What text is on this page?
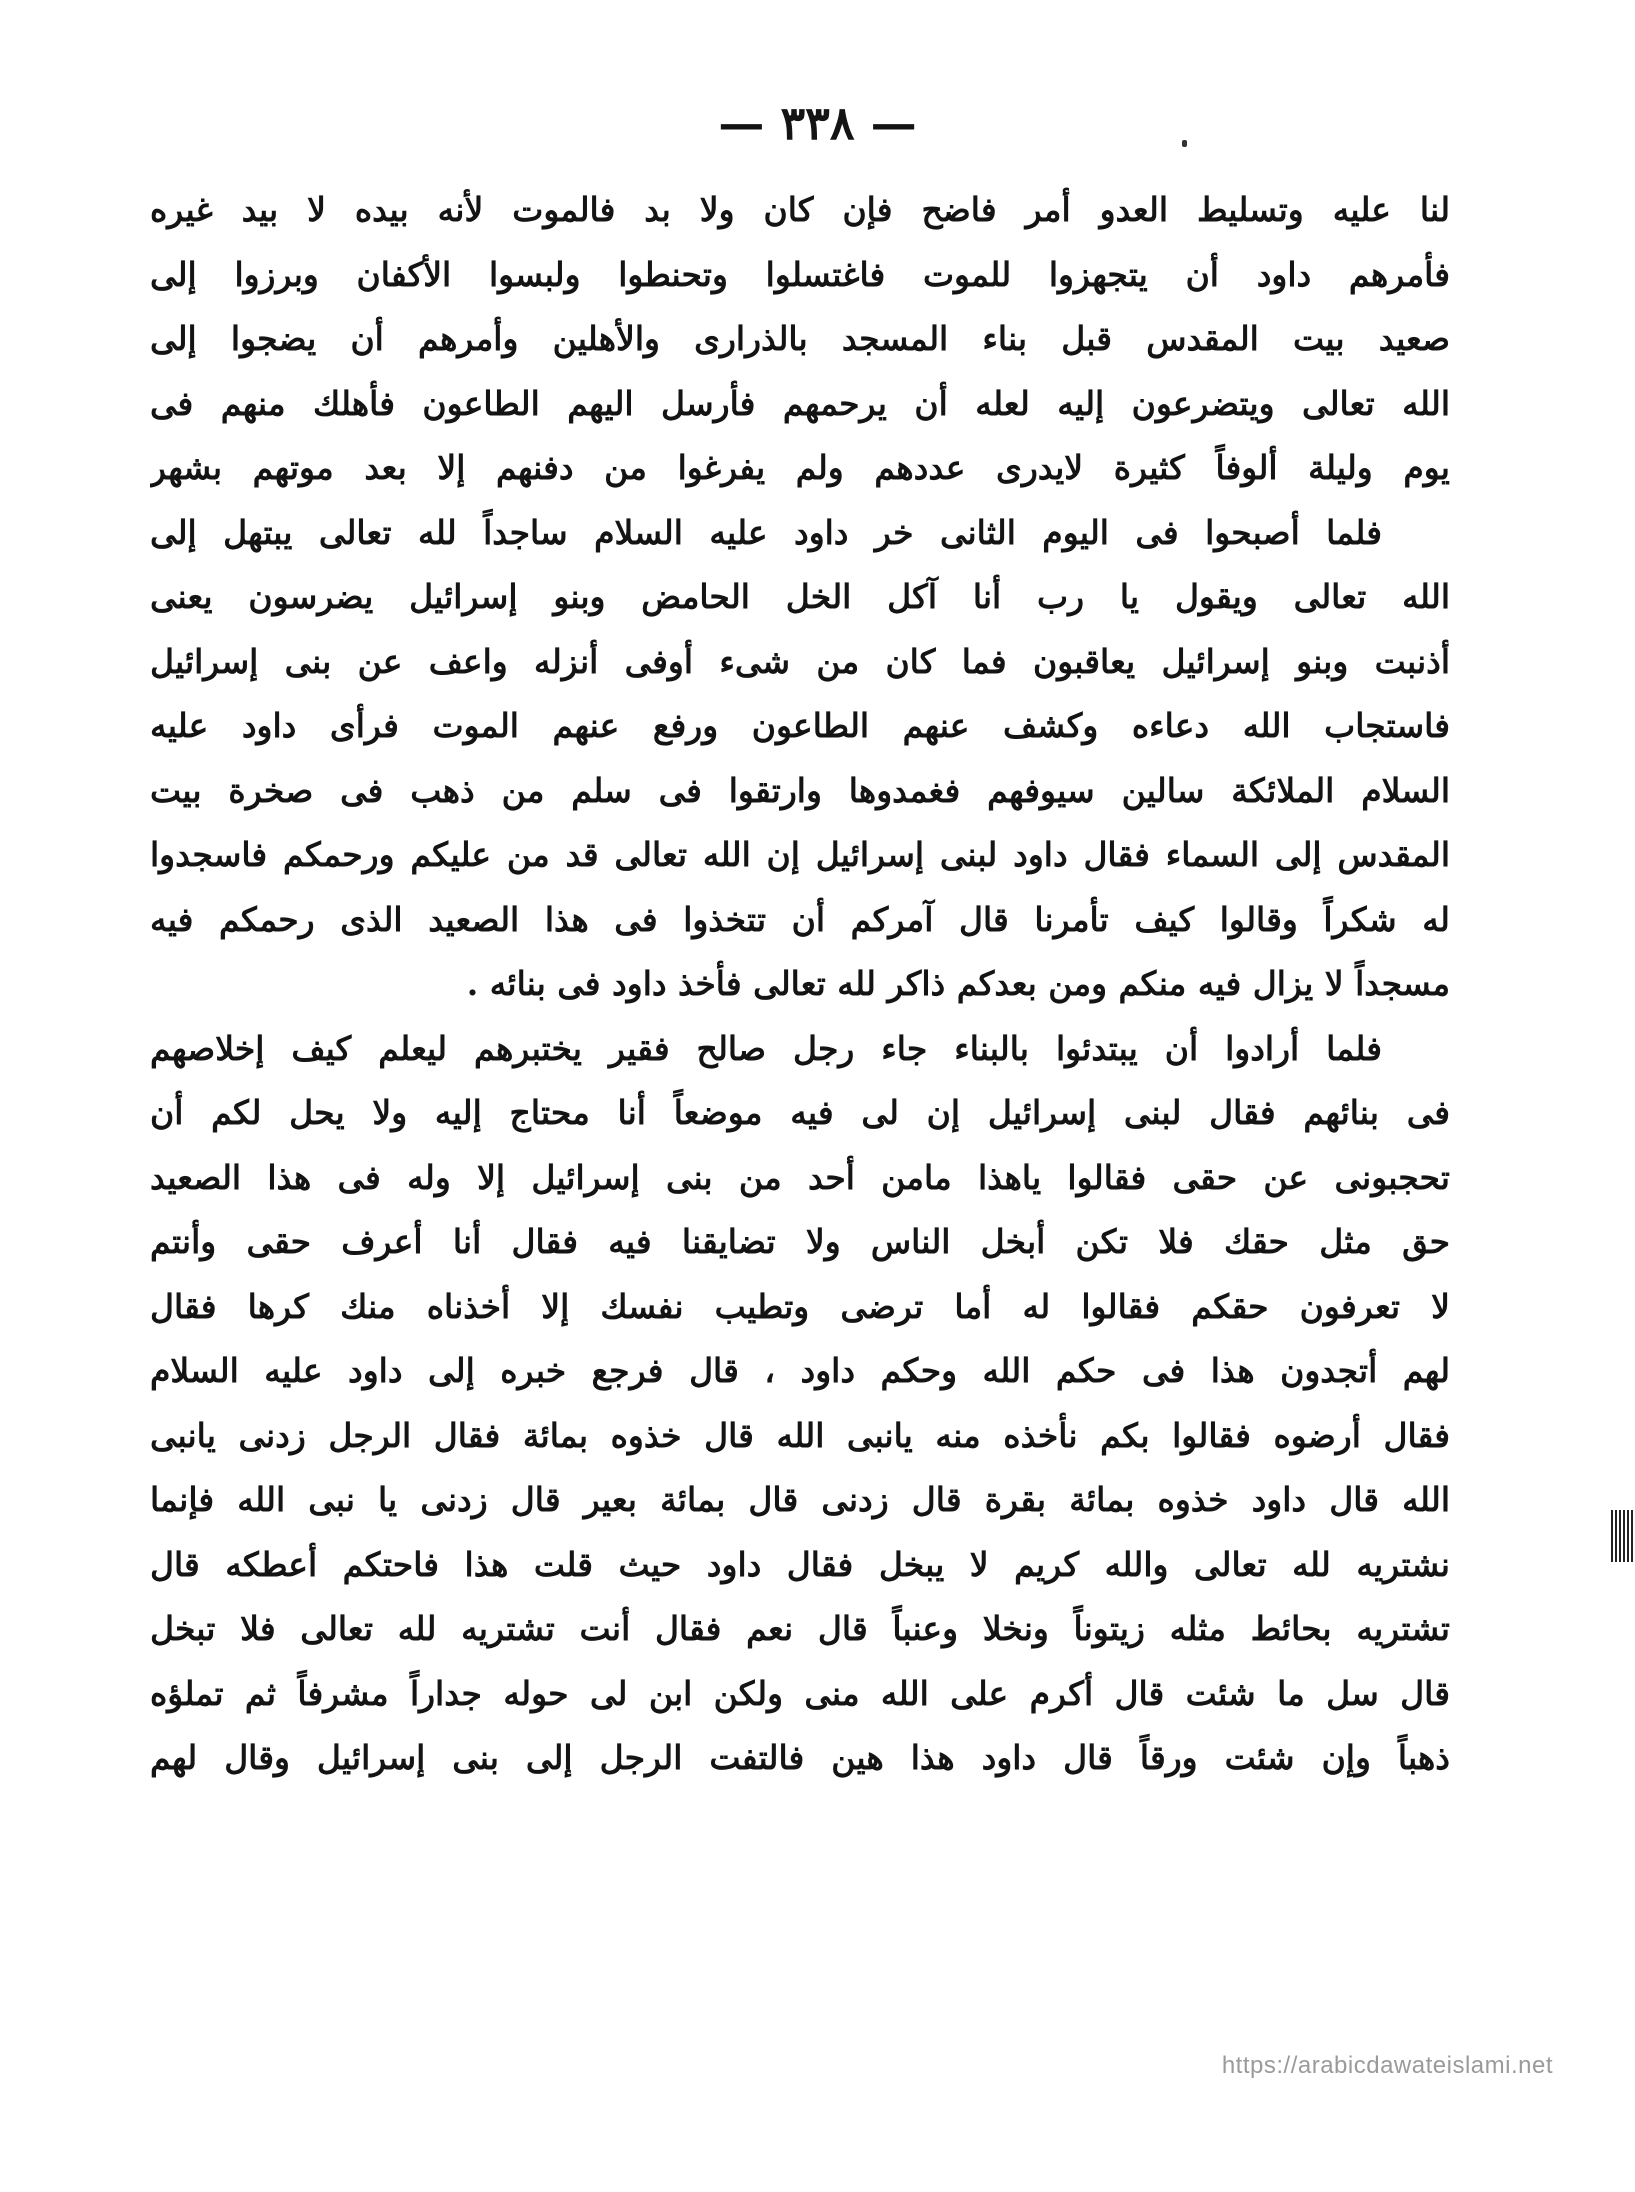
— ٣٣٨ —
لنا عليه وتسليط العدو أمر فاضح فإن كان ولا بد فالموت لأنه بيده لا بيد غيره
فأمرهم داود أن يتجهزوا للموت فاغتسلوا وتحنطوا ولبسوا الأكفان وبرزوا إلى
صعيد بيت المقدس قبل بناء المسجد بالذرارى والأهلين وأمرهم أن يضجوا إلى
الله تعالى ويتضرعون إليه لعله أن يرحمهم فأرسل اليهم الطاعون فأهلك منهم فى
يوم وليلة ألوفاً كثيرة لايدرى عددهم ولم يفرغوا من دفنهم إلا بعد موتهم بشهر
فلما أصبحوا فى اليوم الثانى خر داود عليه السلام ساجداً لله تعالى يبتهل إلى
الله تعالى ويقول يا رب أنا آكل الخل الحامض وبنو إسرائيل يضرسون يعنى
أذنبت وبنو إسرائيل يعاقبون فما كان من شىء أوفى أنزله واعف عن بنى إسرائيل
فاستجاب الله دعاءه وكشف عنهم الطاعون ورفع عنهم الموت فرأى داود عليه
السلام الملائكة سالين سيوفهم فغمدوها وارتقوا فى سلم من ذهب فى صخرة بيت
المقدس إلى السماء فقال داود لبنى إسرائيل إن الله تعالى قد من عليكم ورحمكم فاسجدوا
له شكراً وقالوا كيف تأمرنا قال آمركم أن تتخذوا فى هذا الصعيد الذى رحمكم فيه
مسجداً لا يزال فيه منكم ومن بعدكم ذاكر لله تعالى فأخذ داود فى بنائه .
فلما أرادوا أن يبتدئوا بالبناء جاء رجل صالح فقير يختبرهم ليعلم كيف إخلاصهم
فى بنائهم فقال لبنى إسرائيل إن لى فيه موضعاً أنا محتاج إليه ولا يحل لكم أن
تحجبونى عن حقى فقالوا ياهذا مامن أحد من بنى إسرائيل إلا وله فى هذا الصعيد
حق مثل حقك فلا تكن أبخل الناس ولا تضايقنا فيه فقال أنا أعرف حقى وأنتم
لا تعرفون حقكم فقالوا له أما ترضى وتطيب نفسك إلا أخذناه منك كرها فقال
لهم أتجدون هذا فى حكم الله وحكم داود ، قال فرجع خبره إلى داود عليه السلام
فقال أرضوه فقالوا بكم نأخذه منه يانبى الله قال خذوه بمائة فقال الرجل زدنى يانبى
الله قال داود خذوه بمائة بقرة قال زدنى قال بمائة بعير قال زدنى يا نبى الله فإنما
نشتريه لله تعالى والله كريم لا يبخل فقال داود حيث قلت هذا فاحتكم أعطكه قال
تشتريه بحائط مثله زيتوناً ونخلا وعنباً قال نعم فقال أنت تشتريه لله تعالى فلا تبخل
قال سل ما شئت قال أكرم على الله منى ولكن ابن لى حوله جداراً مشرفاً ثم تملؤه
ذهباً وإن شئت ورقاً قال داود هذا هين فالتفت الرجل إلى بنى إسرائيل وقال لهم
https://arabicdawateislami.net
